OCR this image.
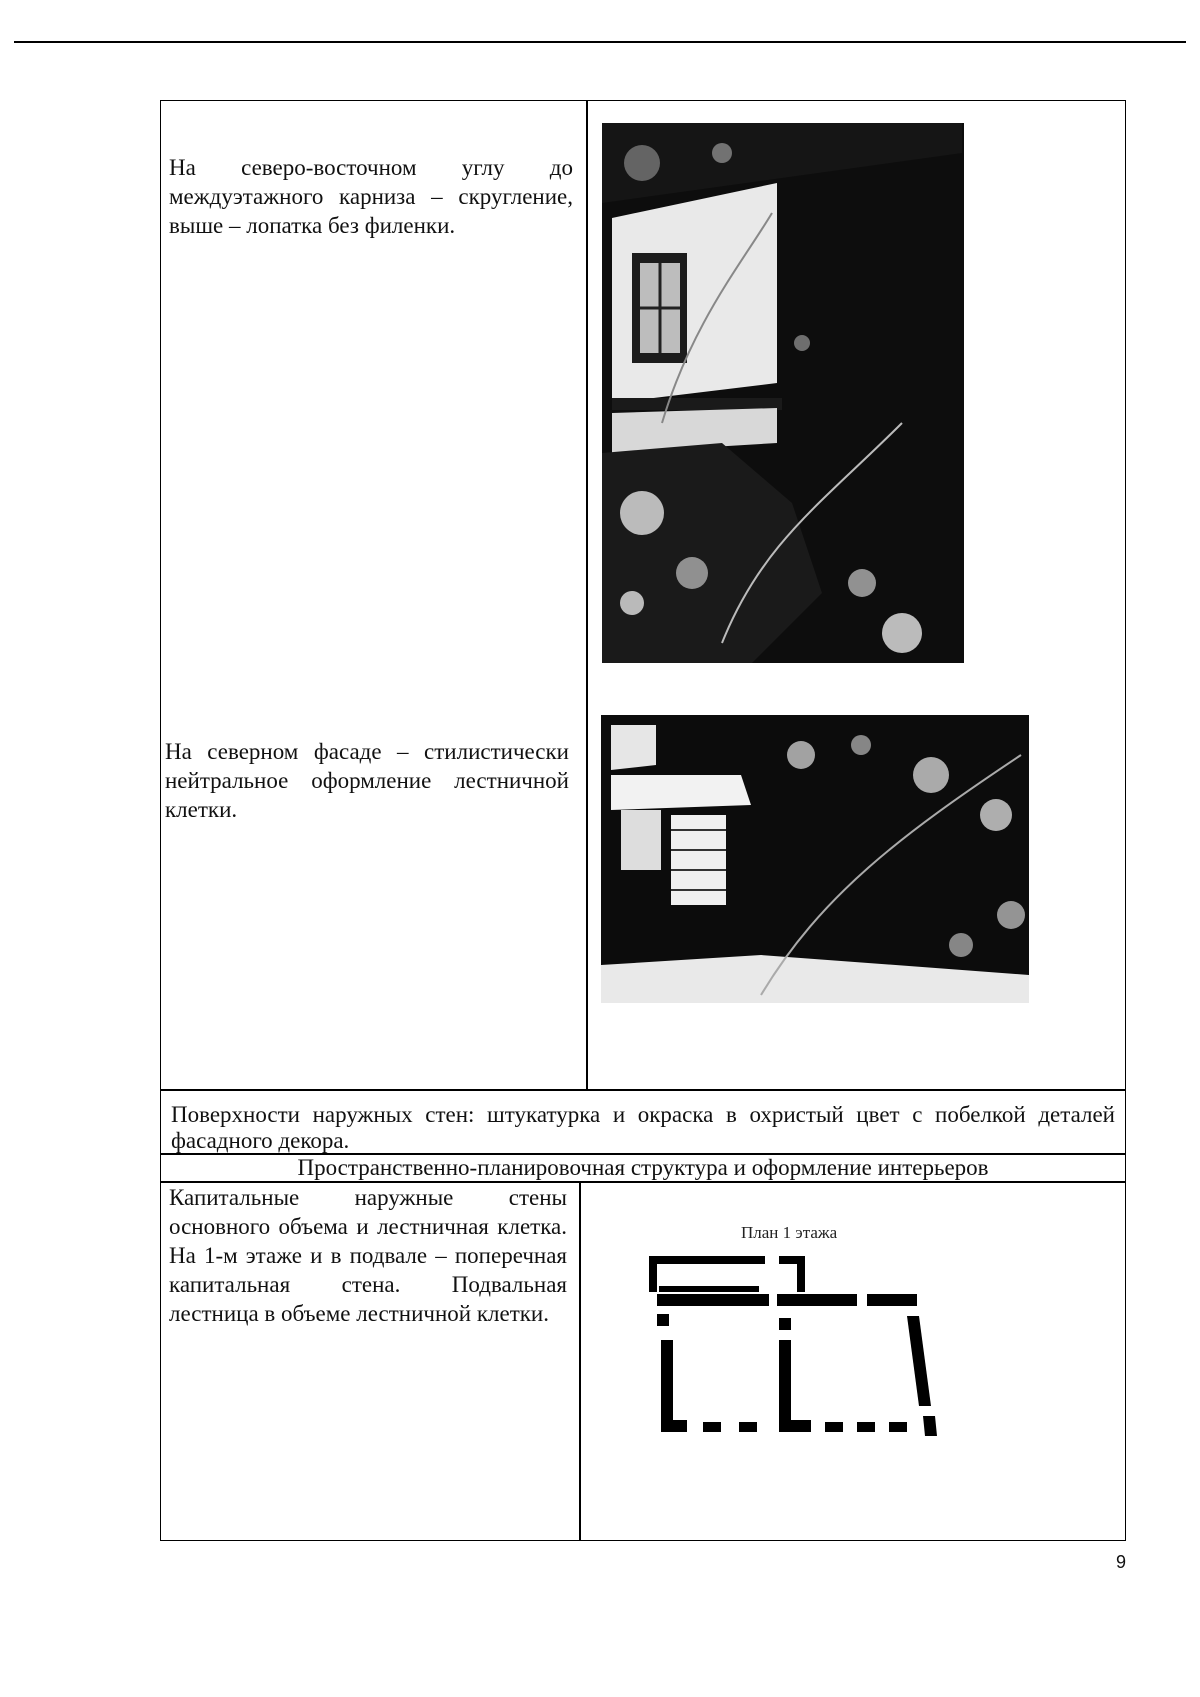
На северо-восточном углу до междуэтажного карниза – скругление, выше – лопатка без филенки.

На северном фасаде – стилистически нейтральное оформление лестничной клетки.

Поверхности наружных стен: штукатурка и окраска в охристый цвет с побелкой деталей фасадного декора.

Пространственно-планировочная структура и оформление интерьеров

Капитальные наружные стены основного объема и лестничная клетка. На 1-м этаже и в подвале – поперечная капитальная стена. Подвальная лестница в объеме лестничной клетки.

План 1 этажа

9
